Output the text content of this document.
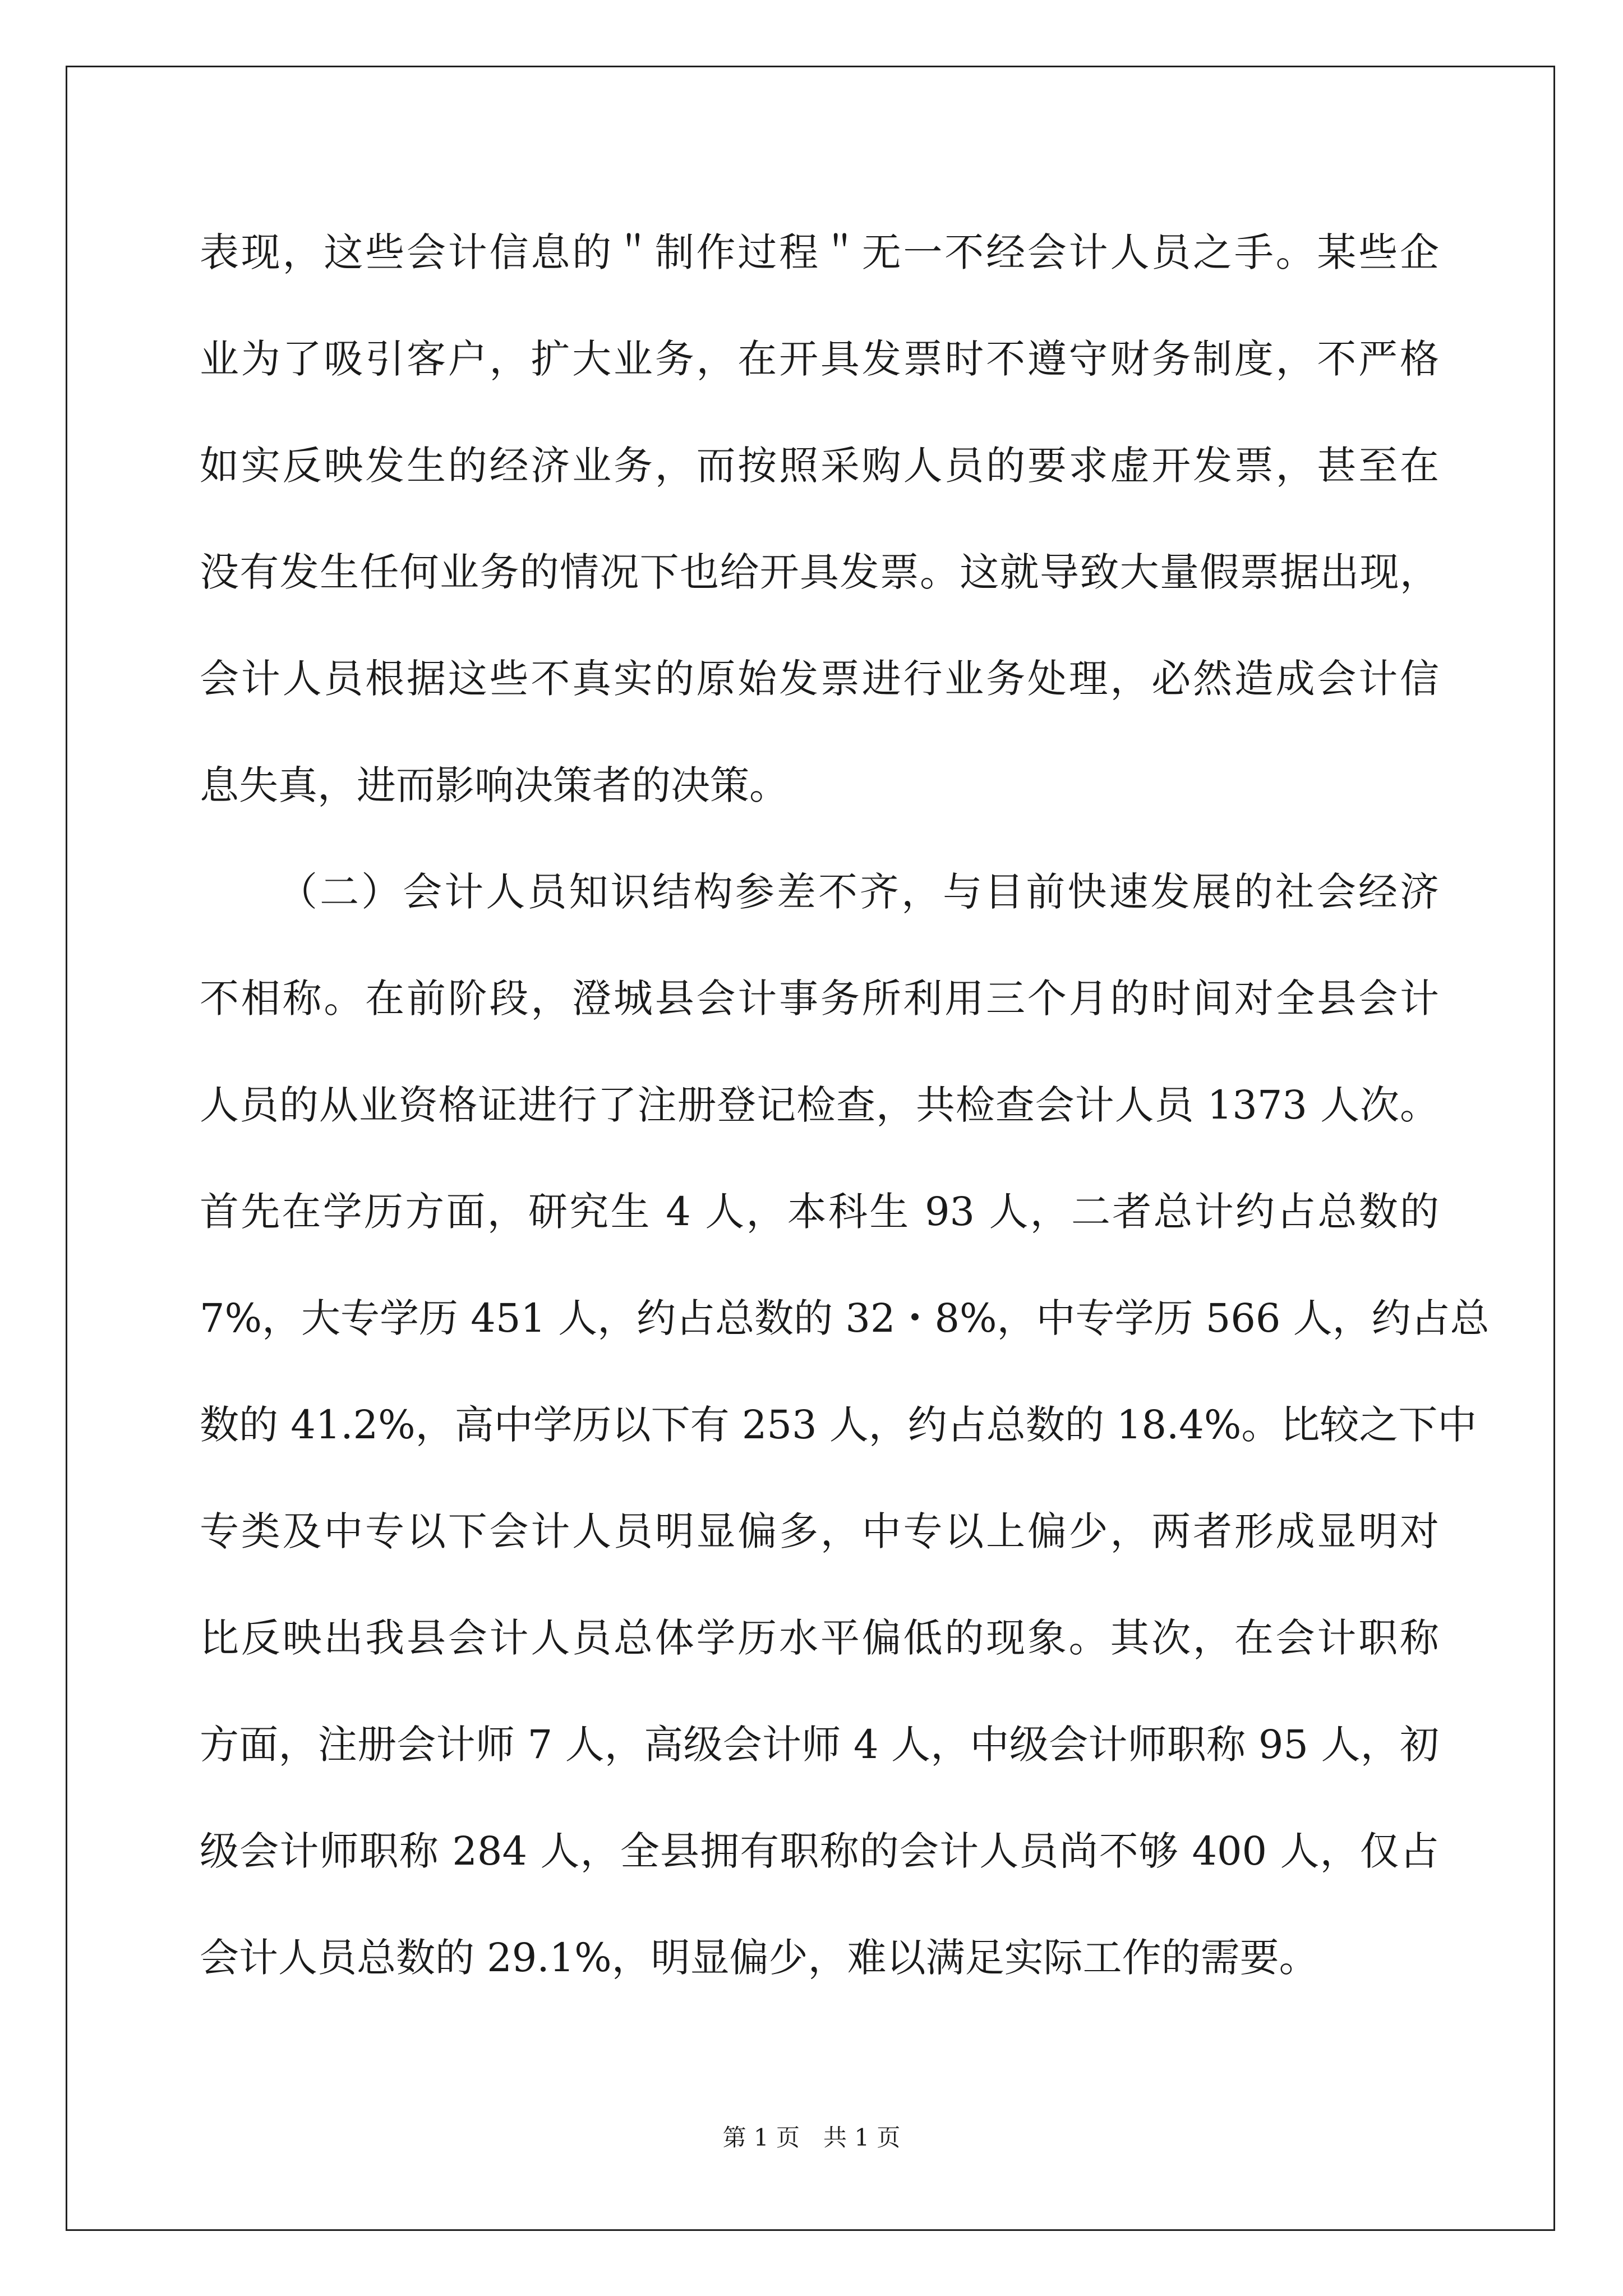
表现，这些会计信息的＂制作过程＂无一不经会计人员之手。某些企
业为了吸引客户，扩大业务，在开具发票时不遵守财务制度，不严格
如实反映发生的经济业务，而按照采购人员的要求虚开发票，甚至在
没有发生任何业务的情况下也给开具发票。这就导致大量假票据出现，
会计人员根据这些不真实的原始发票进行业务处理，必然造成会计信
息失真，进而影响决策者的决策。
（二）会计人员知识结构参差不齐，与目前快速发展的社会经济
不相称。在前阶段，澄城县会计事务所利用三个月的时间对全县会计
人员的从业资格证进行了注册登记检查，共检查会计人员 1373 人次。
首先在学历方面，研究生 4 人，本科生 93 人，二者总计约占总数的
7%，大专学历 451 人，约占总数的 32・8%，中专学历 566 人，约占总
数的 41.2%，高中学历以下有 253 人，约占总数的 18.4%。比较之下中
专类及中专以下会计人员明显偏多，中专以上偏少，两者形成显明对
比反映出我县会计人员总体学历水平偏低的现象。其次，在会计职称
方面，注册会计师 7 人，高级会计师 4 人，中级会计师职称 95 人，初
级会计师职称 284 人，全县拥有职称的会计人员尚不够 400 人，仅占
会计人员总数的 29.1%，明显偏少，难以满足实际工作的需要。
第 1 页　共 1 页
